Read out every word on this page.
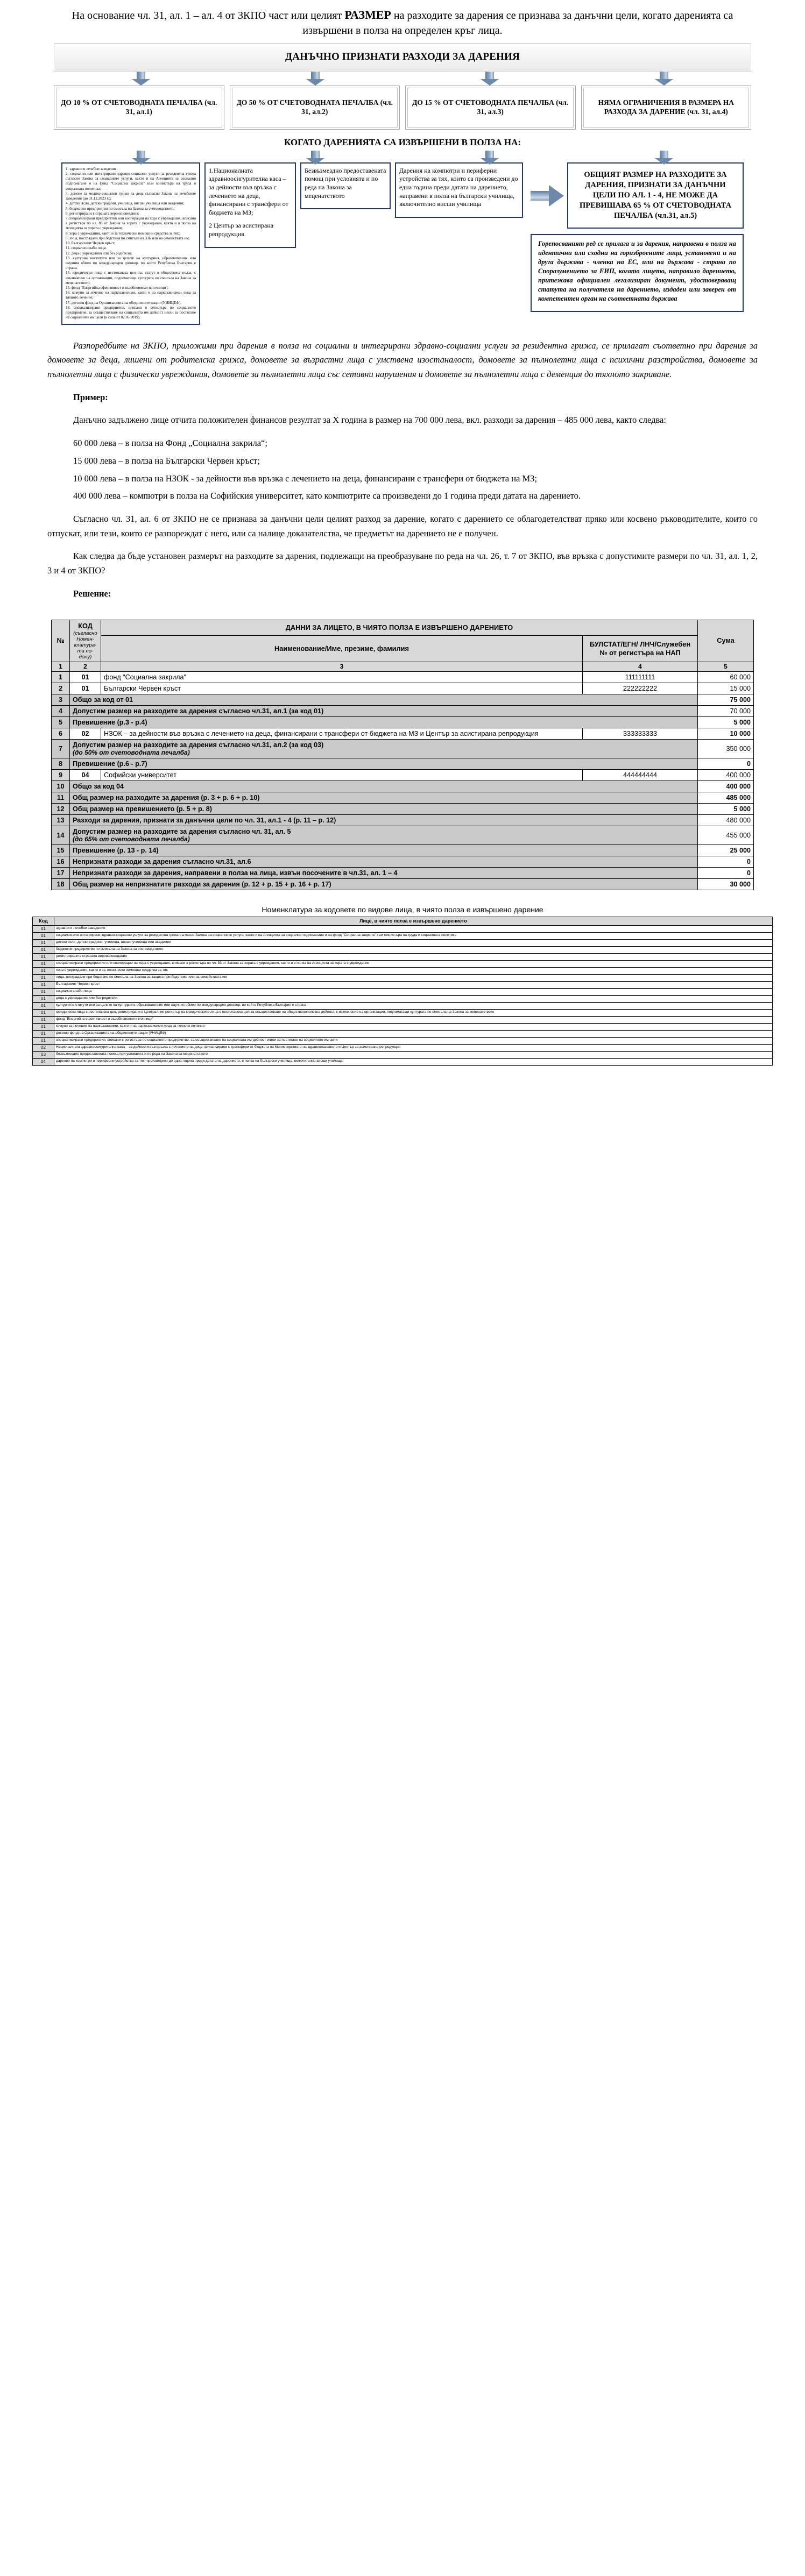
На основание чл. 31, ал. 1 – ал. 4 от ЗКПО част или целият РАЗМЕР на разходите за дарения се признава за данъчни цели, когато даренията са извършени в полза на определен кръг лица.
ДАНЪЧНО ПРИЗНАТИ РАЗХОДИ ЗА ДАРЕНИЯ
ДО 10 % ОТ СЧЕТОВОДНАТА ПЕЧАЛБА (чл. 31, ал.1)
ДО 50 % ОТ СЧЕТОВОДНАТА ПЕЧАЛБА (чл. 31, ал.2)
ДО 15 % ОТ СЧЕТОВОДНАТА ПЕЧАЛБА (чл. 31, ал.3)
НЯМА ОГРАНИЧЕНИЯ В РАЗМЕРА НА РАЗХОДА ЗА ДАРЕНИЕ (чл. 31, ал.4)
КОГАТО ДАРЕНИЯТА СА ИЗВЪРШЕНИ В ПОЛЗА НА:
1. здравни и лечебни заведения;
2. социални или интегрирани здравно-социални услуги за резидентна грижа съгласно Закона за социалните услуги, както и на Агенцията за социално подпомагане и на фонд "Социална закрила" към министъра на труда и социалната политика;
3. домове за медико-социални грижи за деца съгласно Закона за лечебните заведения (до 31.12.2023 г.);
4. детски ясли, детски градини, училища, висши училища или академии;
5. бюджетни предприятия по смисъла на Закона за счетоводството;
6. регистрирани в страната вероизповедания;
7.специализирани предприятия или кооперации на хора с увреждания, вписани в регистъра по чл. 83 от Закона за хората с увреждания, както и в полза на Агенцията за хората с увреждания;
8. хора с увреждания, както и за технически помощни средства за тях;
9. лица, пострадали при бедствия по смисъла на ЗЗБ или на семействата им;
10. Българският Червен кръст;
11. социално слаби лица;
12. деца с увреждания или без родители;
13. културни институти или за целите на културния, образователния или научния обмен по международен договор, по който Република България е страна;
14. юридически лица с нестопанска цел със статут в обществена полза, с изключение на организации, подпомагащи културата по смисъла на Закона за меценатството;
15. фонд "Енергийна ефективност и възобновяеми източници";
16. комуни за лечение на наркозависими, както и на наркозависими лица за тяхното лечение;
17. детския фонд на Организацията на обединените нации (УНИЦЕФ).
18. специализирани предприятия, вписани в регистъра по социалното предприятие, за осъществяване на социалната им дейност и/или за постигане на социалните им цели (в сила от 02.05.2019).

1.Националната здравноосигурителна каса – за дейности във връзка с лечението на деца, финансирани с трансфери от бюджета на МЗ;

2 Център за асистирана репродукция.

Безвъзмездно предоставената помощ при условията и по реда на Закона за меценатството

Дарения на компютри и периферни устройства за тях, които са произведени до една година преди датата на дарението, направени в полза на български училища, включително висши училища

ОБЩИЯТ РАЗМЕР НА РАЗХОДИТЕ ЗА ДАРЕНИЯ, ПРИЗНАТИ ЗА ДАНЪЧНИ ЦЕЛИ ПО АЛ. 1 - 4, НЕ МОЖЕ ДА ПРЕВИШАВА 65 % ОТ СЧЕТОВОДНАТА ПЕЧАЛБА (чл.31, ал.5)
Горепосваният ред се прилага и за дарения, направени в полза на идентични или сходни на горизброените лица, установени и на друга държава - членка на ЕС, или на държава - страна по Споразумението за ЕИП, когато лицето, направило дарението, притежава официален легализиран документ, удостоверяващ статута на получателя на дарението, издаден или заверен от компетентен орган на съответната държава

Разпоредбите на ЗКПО, приложими при дарения в полза на социални и интегрирани здравно-социални услуги за резидентна грижа, се прилагат съответно при дарения за домовете за деца, лишени от родителска грижа, домовете за възрастни лица с умствена изостаналост, домовете за пълнолетни лица с психични разстройства, домовете за пълнолетни лица с физически увреждания, домовете за пълнолетни лица със сетивни нарушения и домовете за пълнолетни лица с деменция до тяхното закриване.

Пример:

Данъчно задължено лице отчита положителен финансов резултат за Х година в размер на 700 000 лева, вкл. разходи за дарения – 485 000 лева, както следва:

60 000 лева – в полза на Фонд „Социална закрила“;

15 000 лева – в полза на Български Червен кръст;

10 000 лева – в полза на НЗОК - за дейности във връзка с лечението на деца, финансирани с трансфери от бюджета на МЗ;

400 000 лева – компютри в полза на Софийския университет, като компютрите са произведени до 1 година преди датата на дарението.

Съгласно чл. 31, ал. 6 от ЗКПО не се признава за данъчни цели целият разход за дарение, когато с дарението се облагодетелстват пряко или косвено ръководителите, които го отпускат, или тези, които се разпореждат с него, или са налице доказателства, че предметът на дарението не е получен.

Как следва да бъде установен размерът на разходите за дарения, подлежащи на преобразуване по реда на чл. 26, т. 7 от ЗКПО, във връзка с допустимите размери по чл. 31, ал. 1, 2, 3 и 4 от ЗКПО?

Решение:

№	КОД
(съгласно Номен-клатура-та по-долу)	ДАННИ ЗА ЛИЦЕТО, В ЧИЯТО ПОЛЗА Е ИЗВЪРШЕНО ДАРЕНИЕТО		Сума
		Наименование/Име, презиме, фамилия	БУЛСТАТ/ЕГН/ ЛНЧ/Служебен № от регистъра на НАП	
1	2	3	4	5
1	01	фонд "Социална закрила"	111111111	60 000
2	01	Български Червен кръст	222222222	15 000
3	Общо за код от 01			75 000
4	Допустим размер на разходите за дарения съгласно чл.31, ал.1 (за код 01)			70 000
5	Превишение (р.3 - р.4)			5 000
6	02	НЗОК – за дейности във връзка с лечението на деца, финансирани с трансфери от бюджета на МЗ и Център за асистирана репродукция	333333333	10 000
7	Допустим размер на разходите за дарения съгласно чл.31, ал.2 (за код 03)
(до 50% от счетоводната печалба)			350 000
8	Превишение (р.6 - р.7)			0
9	04	Софийски университет	444444444	400 000
10	Общо за код 04			400 000
11	Общ размер на разходите за дарения (р. 3 + р. 6 + р. 10)			485 000
12	Общ размер на превишението (р. 5 + р. 8)			5 000
13	Разходи за дарения, признати за данъчни цели по чл. 31, ал.1 - 4 (р. 11 – р. 12)			480 000
14	Допустим размер на разходите за дарения съгласно чл. 31, ал. 5
(до 65% от счетоводната печалба)			455 000
15	Превишение (р. 13 - р. 14)			25 000
16	Непризнати разходи за дарения съгласно чл.31, ал.6			0
17	Непризнати разходи за дарения, направени в полза на лица, извън посочените в чл.31, ал. 1 – 4			0
18	Общ размер на непризнатите разходи за дарения (р. 12 + р. 15 + р. 16 + р. 17)			30 000
Номенклатура за кодовете по видове лица, в чиято полза е извършено дарение
Код	Лице, в чиято полза е извършено дарението
01	здравни и лечебни заведения
01	социални или интегрирани здравно-социални услуги за резидентна грижа съгласно Закона за социалните услуги, както и на Агенцията за социално подпомагане и на фонд "Социална закрила" към министъра на труда и социалната политика
01	детски ясли, детски градини, училища, висши училища или академии
01	бюджетни предприятия по смисъла на Закона за счетоводството
01	регистрирани в страната вероизповедания
01	специализирани предприятия или кооперации на хора с увреждания, вписани в регистъра по чл. 83 от Закона за хората с увреждания, както и в полза на Агенцията за хората с увреждания
01	хора с увреждания, както и за технически помощни средства за тях
01	лица, пострадали при бедствия по смисъла на Закона за защита при бедствия, или на семействата им
01	Българският Червен кръст
01	социално слаби лица
01	деца с увреждания или без родители
01	културни институти или за целите на културния, образователния или научния обмен по международен договор, по който Република България е страна
01	юридически лица с нестопанска цел, регистрирани в Централния регистър на юридическите лица с нестопанска цел за осъществяване на общественополезна дейност, с изключение на организации, подпомагащи културата по смисъла на Закона за меценатството
01	фонд "Енергийна ефективност и възобновяеми източници"
01	комуни за лечение на наркозависими, както и на наркозависими лица за тяхното лечение
01	детския фонд на Организацията на обединените нации (УНИЦЕФ)
01	специализирани предприятия, вписани в регистъра по социалното предприятие, за осъществяване на социалната им дейност и/или за постигане на социалните им цели
02	Националната здравноосигурителна каса – за дейности във връзка с лечението на деца, финансирани с трансфери от бюджета на Министерството на здравеопазването и Център за асистирана репродукция
03	безвъзмездно предоставената помощ при условията и по реда на Закона за меценатството
04	дарения на компютри и периферни устройства за тях, произведени до една година преди датата на дарението, в полза на български училища, включително висши училища
